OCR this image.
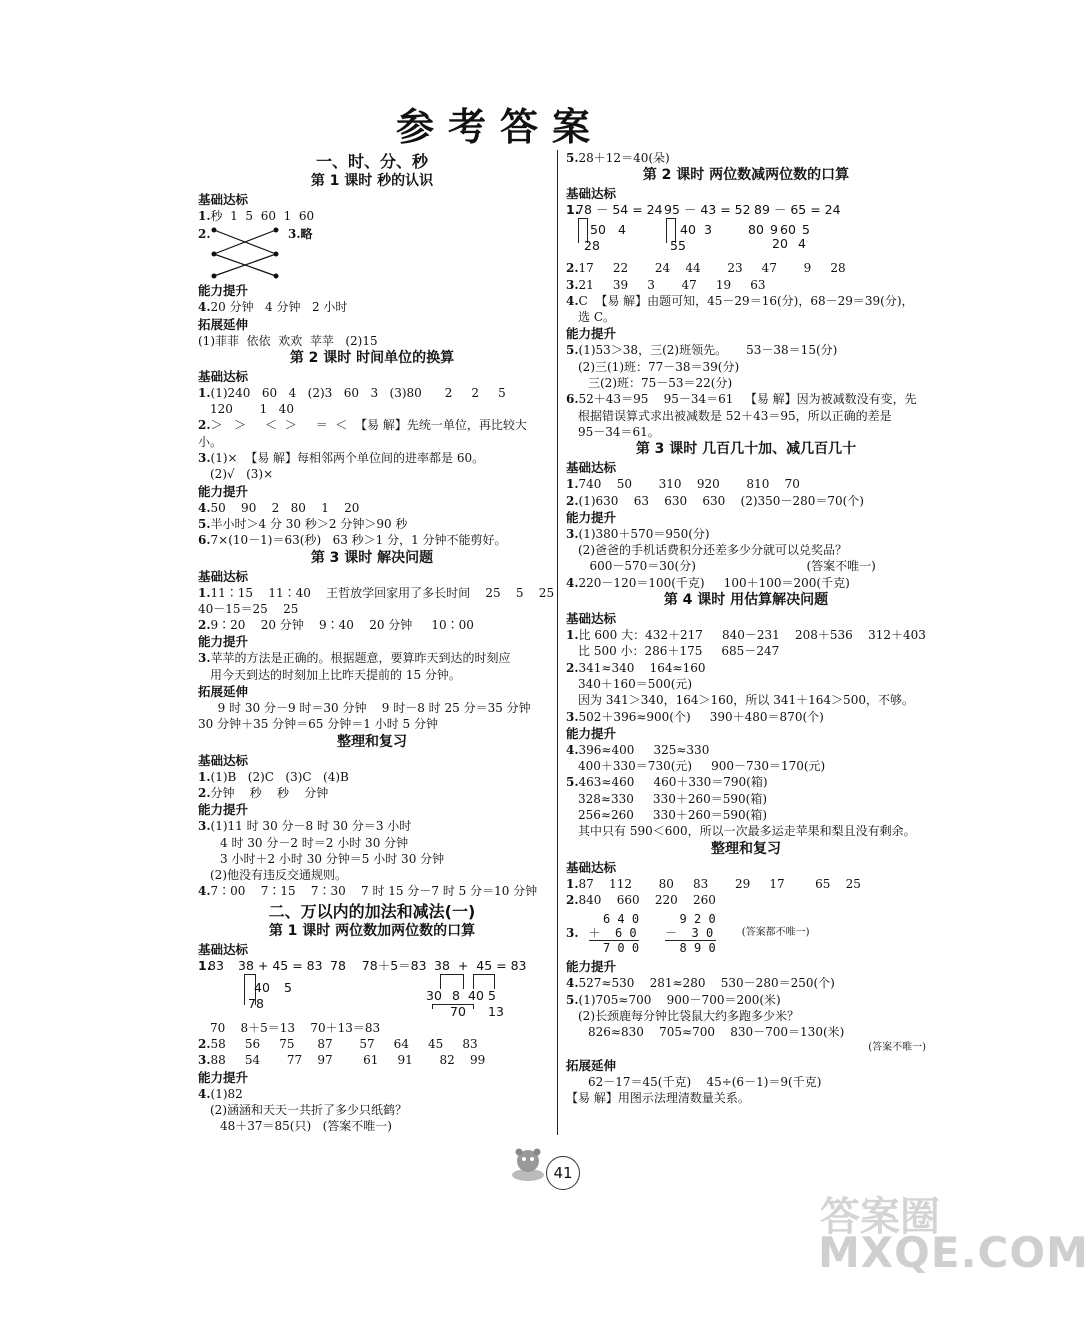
参考答案
一、时、分、秒
第 1 课时 秒的认识
基础达标
1.秒  1  5  60  1  60
2.	3.略
能力提升
4.20 分钟   4 分钟   2 小时
拓展延伸
(1)菲菲  依依  欢欢  苹苹   (2)15
第 2 课时 时间单位的换算
基础达标
1.(1)240   60   4   (2)3   60   3   (3)80      2     2     5
120       1   40
2.＞   ＞     ＜  ＞     ＝  ＜  【易 解】先统一单位，再比较大
小。
3.(1)×  【易 解】每相邻两个单位间的进率都是 60。
(2)√   (3)×
能力提升
4.50    90    2   80    1    20
5.半小时＞4 分 30 秒＞2 分钟＞90 秒
6.7×(10－1)＝63(秒)   63 秒＞1 分，1 分钟不能剪好。
第 3 课时 解决问题
基础达标
1.11∶15    11∶40    王哲放学回家用了多长时间    25    5    25
40－15＝25    25
2.9∶20    20 分钟    9∶40    20 分钟     10∶00
能力提升
3.苹苹的方法是正确的。根据题意，要算昨天到达的时刻应
用今天到达的时刻加上比昨天提前的 15 分钟。
拓展延伸
9 时 30 分－9 时＝30 分钟    9 时－8 时 25 分＝35 分钟
30 分钟＋35 分钟＝65 分钟＝1 小时 5 分钟
整理和复习
基础达标
1.(1)B   (2)C   (3)C   (4)B
2.分钟    秒    秒    分钟
能力提升
3.(1)11 时 30 分－8 时 30 分＝3 小时
4 时 30 分－2 时＝2 小时 30 分钟
3 小时＋2 小时 30 分钟＝5 小时 30 分钟
(2)他没有违反交通规则。
4.7∶00    7∶15    7∶30    7 时 15 分－7 时 5 分＝10 分钟
二、万以内的加法和减法(一)
第 1 课时 两位数加两位数的口算
基础达标
1.
83 38 + 45 = 83 78    78＋5＝83 38  +  45 = 83
40 5
78
30 8 40 5
70 13
70    8＋5＝13    70＋13＝83
2.58     56     75      87       57     64     45     83
3.88     54       77    97        61     91       82    99
能力提升
4.(1)82
(2)涵涵和天天一共折了多少只纸鹤？
48＋37＝85(只)   (答案不唯一)
5.28＋12＝40(朵)
第 2 课时 两位数减两位数的口算
基础达标
1.
78 － 54 = 24 95 － 43 = 52 89 － 65 = 24
50 4
28
40 3
55
80 9 60 5
20 4
2.17     22       24    44       23     47       9     28
3.21     39     3       47     19     63
4.C  【易 解】由题可知，45－29＝16(分)，68－29＝39(分)，
选 C。
能力提升
5.(1)53＞38，三(2)班领先。     53－38＝15(分)
(2)三(1)班：77－38＝39(分)
三(2)班：75－53＝22(分)
6.52＋43＝95    95－34＝61   【易 解】因为被减数没有变，先
根据错误算式求出被减数是 52＋43＝95，所以正确的差是
95－34＝61。
第 3 课时 几百几十加、减几百几十
基础达标
1.740    50       310    920       810    70
2.(1)630    63    630    630    (2)350－280＝70(个)
能力提升
3.(1)380＋570＝950(分)
(2)爸爸的手机话费积分还差多少分就可以兑奖品？
600－570＝30(分)                             (答案不唯一)
4.220－120＝100(千克)     100＋100＝200(千克)
第 4 课时 用估算解决问题
基础达标
1.比 600 大：432＋217     840－231    208＋536    312＋403
比 500 小：286＋175     685－247
2.341≈340    164≈160
340＋160＝500(元)
因为 341＞340，164＞160，所以 341＋164＞500，不够。
3.502＋396≈900(个)     390＋480＝870(个)
能力提升
4.396≈400     325≈330
400＋330＝730(元)     900－730＝170(元)
5.463≈460     460＋330＝790(箱)
328≈330     330＋260＝590(箱)
256≈260     330＋260＝590(箱)
其中只有 590＜600，所以一次最多运走苹果和梨且没有剩余。
整理和复习
基础达标
1.87    112       80     83       29     17        65    25
2.840    660    220    260
3.
6 4 0
＋  6 0
7 0 0
9 2 0
－  3 0
8 9 0
(答案都不唯一)
能力提升
4.527≈530    281≈280    530－280＝250(个)
5.(1)705≈700    900－700＝200(米)
(2)长颈鹿每分钟比袋鼠大约多跑多少米？
826≈830    705≈700    830－700＝130(米)
(答案不唯一)
拓展延伸
62－17＝45(千克)    45÷(6－1)＝9(千克)
【易 解】用图示法理清数量关系。
41
答案圈
MXQE.COM
